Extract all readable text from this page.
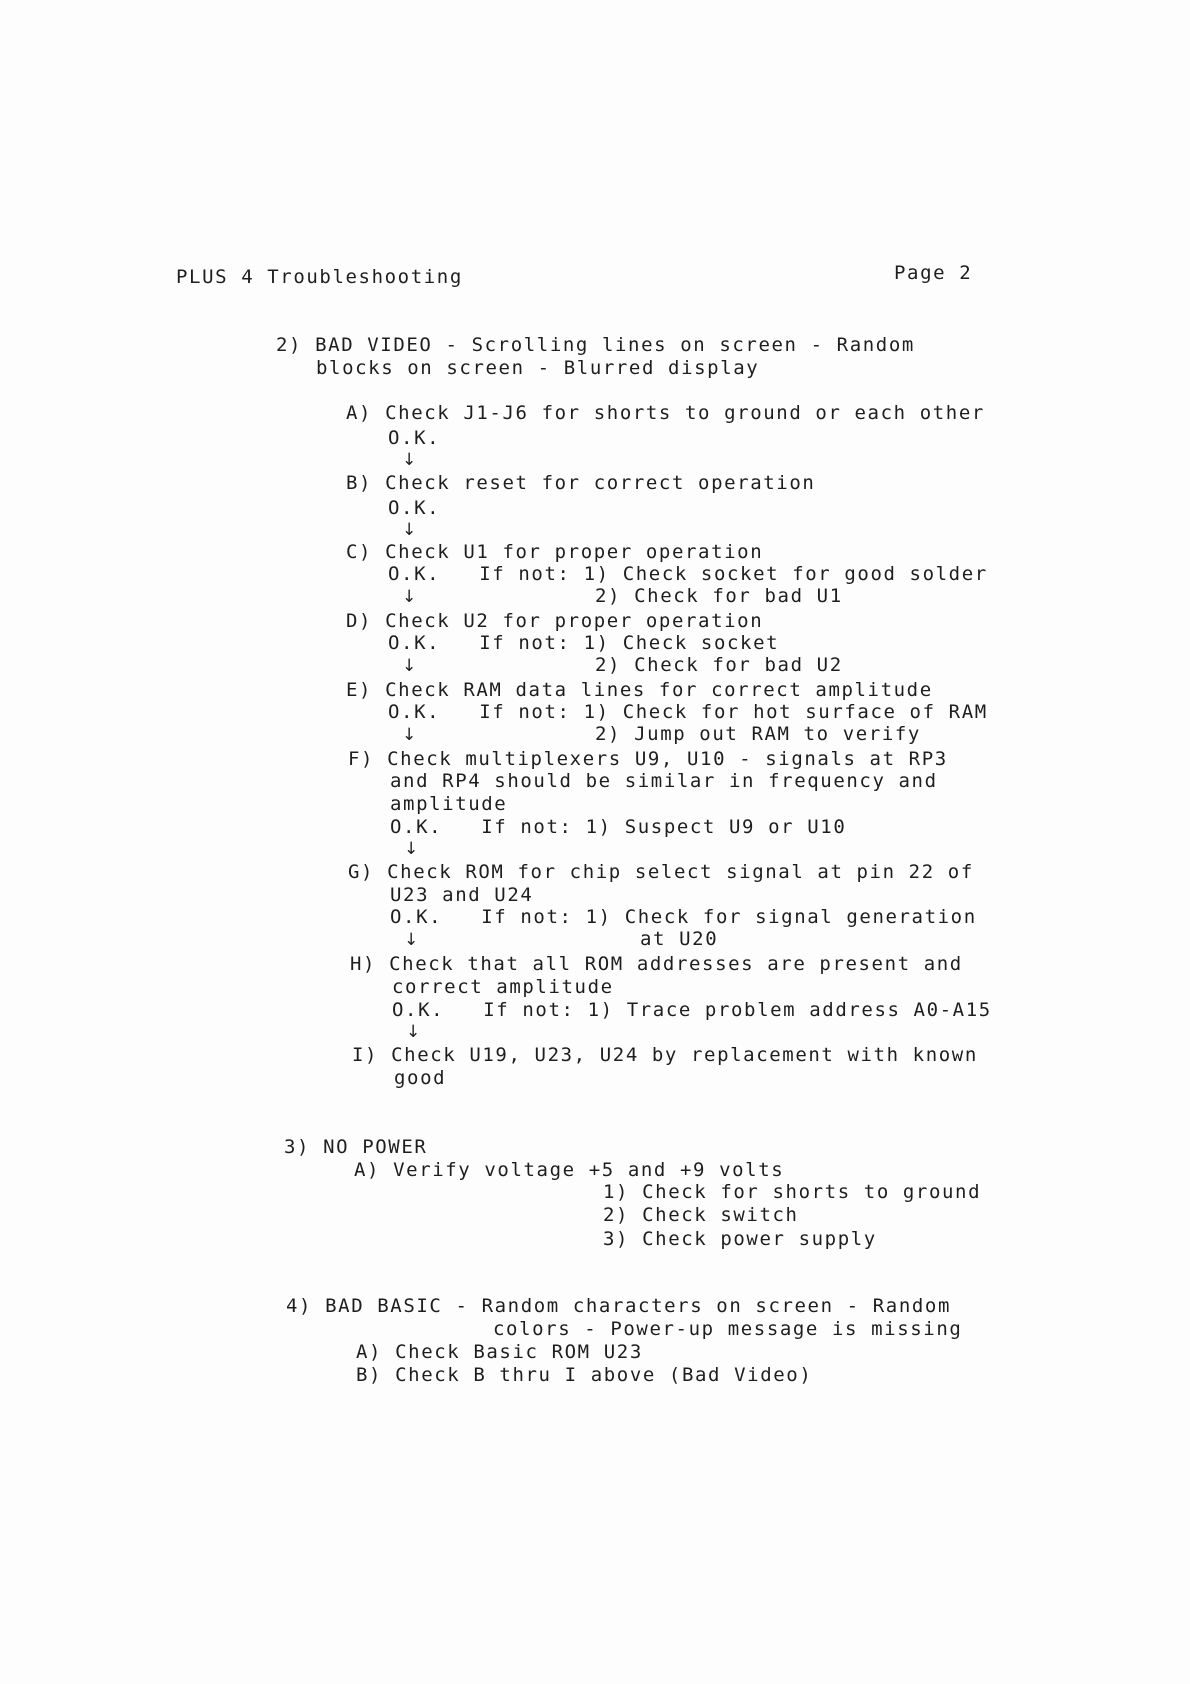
PLUS 4 Troubleshooting	Page 2
2) BAD VIDEO - Scrolling lines on screen - Random
blocks on screen - Blurred display
A) Check J1-J6 for shorts to ground or each other
O.K.
↓
B) Check reset for correct operation
O.K.
↓
C) Check U1 for proper operation
O.K.   If not: 1) Check socket for good solder
↓	2) Check for bad U1
D) Check U2 for proper operation
O.K.   If not: 1) Check socket
↓	2) Check for bad U2
E) Check RAM data lines for correct amplitude
O.K.   If not: 1) Check for hot surface of RAM
↓	2) Jump out RAM to verify
F) Check multiplexers U9, U10 - signals at RP3
and RP4 should be similar in frequency and
amplitude
O.K.   If not: 1) Suspect U9 or U10
↓
G) Check ROM for chip select signal at pin 22 of
U23 and U24
O.K.   If not: 1) Check for signal generation
↓	at U20
H) Check that all ROM addresses are present and
correct amplitude
O.K.   If not: 1) Trace problem address A0-A15
↓
I) Check U19, U23, U24 by replacement with known
good
3) NO POWER
A) Verify voltage +5 and +9 volts
1) Check for shorts to ground
2) Check switch
3) Check power supply
4) BAD BASIC - Random characters on screen - Random
colors - Power-up message is missing
A) Check Basic ROM U23
B) Check B thru I above (Bad Video)
